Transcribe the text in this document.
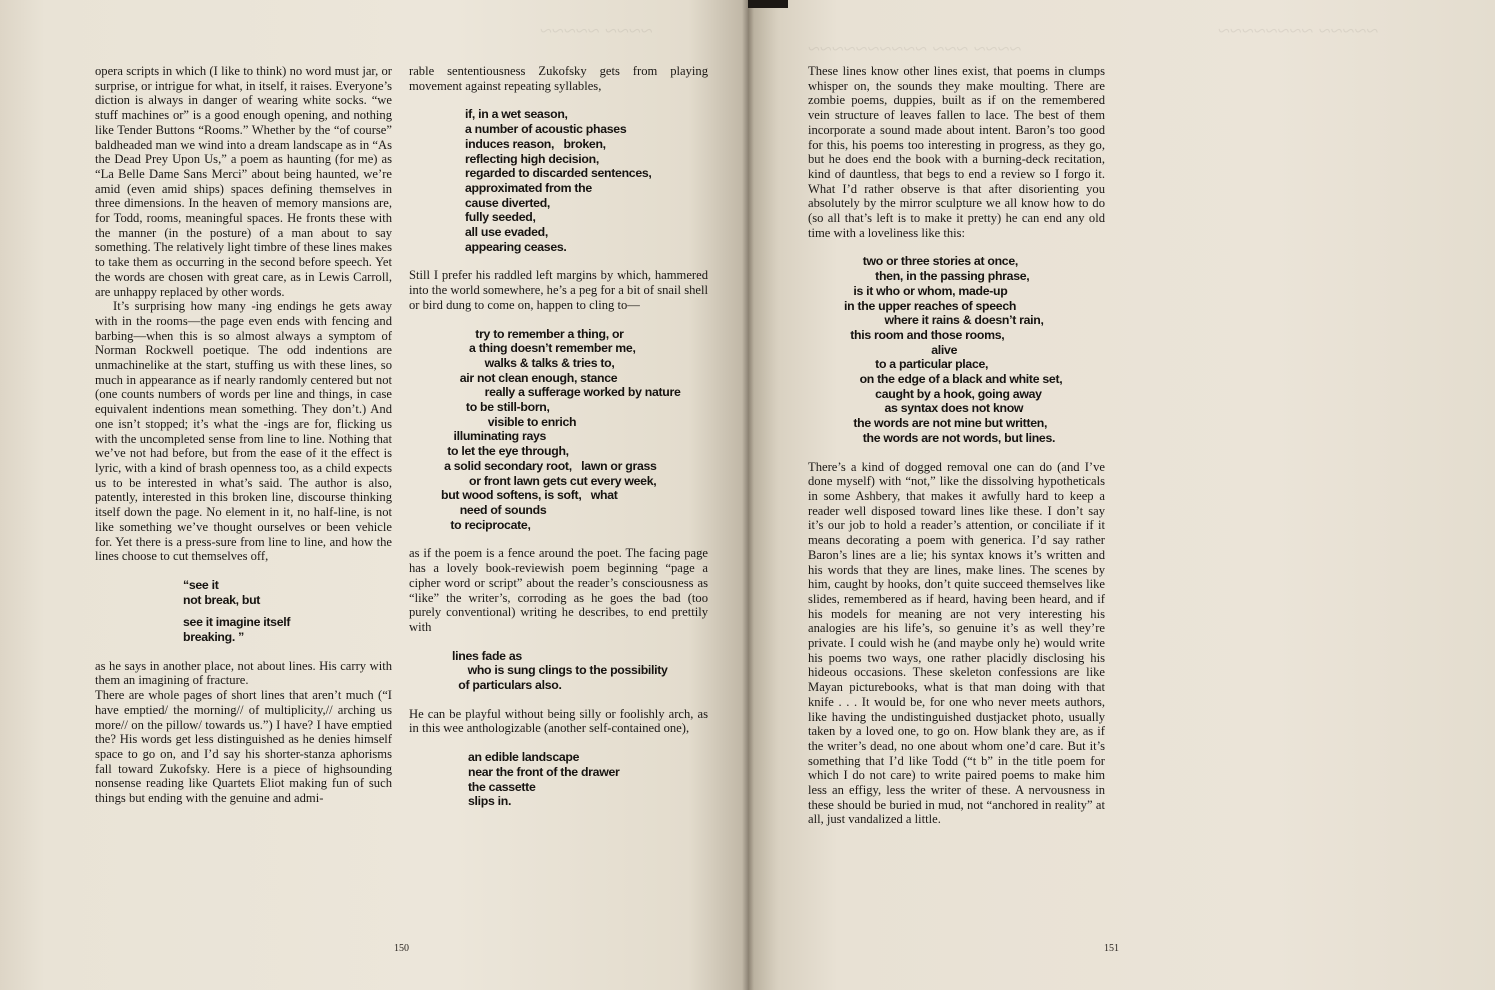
~~~~ ~~~~~

opera scripts in which (I like to think) no word must jar, or surprise, or intrigue for what, in itself, it raises. Everyone’s diction is always in danger of wearing white socks. “we stuff machines or” is a good enough opening, and nothing like Tender Buttons “Rooms.” Whether by the “of course” baldheaded man we wind into a dream landscape as in “As the Dead Prey Upon Us,” a poem as haunting (for me) as “La Belle Dame Sans Merci” about being haunted, we’re amid (even amid ships) spaces defining themselves in three dimensions. In the heaven of memory mansions are, for Todd, rooms, meaningful spaces. He fronts these with the manner (in the posture) of a man about to say something. The relatively light timbre of these lines makes to take them as occurring in the second before speech. Yet the words are chosen with great care, as in Lewis Carroll, are unhappy replaced by other words.

It’s surprising how many -ing endings he gets away with in the rooms—the page even ends with fencing and barbing—when this is so almost always a symptom of Norman Rockwell poetique. The odd indentions are unmachinelike at the start, stuffing us with these lines, so much in appearance as if nearly randomly centered but not (one counts numbers of words per line and things, in case equivalent indentions mean something. They don’t.) And one isn’t stopped; it’s what the -ings are for, flicking us with the uncompleted sense from line to line. Nothing that we’ve not had before, but from the ease of it the effect is lyric, with a kind of brash openness too, as a child expects us to be interested in what’s said. The author is also, patently, interested in this broken line, discourse thinking itself down the page. No element in it, no half-line, is not like something we’ve thought ourselves or been vehicle for. Yet there is a press-sure from line to line, and how the lines choose to cut themselves off,

“see it
not break, but
see it imagine itself
breaking. ”

as he says in another place, not about lines. His carry with them an imagining of fracture.

There are whole pages of short lines that aren’t much (“I have emptied/ the morning// of multiplicity,// arching us more// on the pillow/ towards us.”) I have? I have emptied the? His words get less distinguished as he denies himself space to go on, and I’d say his shorter-stanza aphorisms fall toward Zukofsky. Here is a piece of highsounding nonsense reading like Quartets Eliot making fun of such things but ending with the genuine and admi-

rable sententiousness Zukofsky gets from playing movement against repeating syllables,

if, in a wet season,
a number of acoustic phases
induces reason,   broken,
reflecting high decision,
regarded to discarded sentences,
approximated from the
cause diverted,
fully seeded,
all use evaded,
appearing ceases.

Still I prefer his raddled left margins by which, hammered into the world somewhere, he’s a peg for a bit of snail shell or bird dung to come on, happen to cling to—

try to remember a thing, or
a thing doesn’t remember me,
walks & talks & tries to,
air not clean enough, stance
really a sufferage worked by nature
to be still-born,
visible to enrich
illuminating rays
to let the eye through,
a solid secondary root,   lawn or grass
or front lawn gets cut every week,
but wood softens, is soft,   what
need of sounds
to reciprocate,

as if the poem is a fence around the poet. The facing page has a lovely book-reviewish poem beginning “page a cipher word or script” about the reader’s consciousness as “like” the writer’s, corroding as he goes the bad (too purely conventional) writing he describes, to end prettily with

lines fade as
who is sung clings to the possibility
of particulars also.

He can be playful without being silly or foolishly arch, as in this wee anthologizable (another self-contained one),

an edible landscape
near the front of the drawer
the cassette
slips in.
150
~~~~~ ~~~~~~~~
~~~~ ~~~ ~~~~~~~~~~

These lines know other lines exist, that poems in clumps whisper on, the sounds they make moulting. There are zombie poems, duppies, built as if on the remembered vein structure of leaves fallen to lace. The best of them incorporate a sound made about intent. Baron’s too good for this, his poems too interesting in progress, as they go, but he does end the book with a burning-deck recitation, kind of dauntless, that begs to end a review so I forgo it. What I’d rather observe is that after disorienting you absolutely by the mirror sculpture we all know how to do (so all that’s left is to make it pretty) he can end any old time with a loveliness like this:

two or three stories at once,
then, in the passing phrase,
is it who or whom, made-up
in the upper reaches of speech
where it rains & doesn’t rain,
this room and those rooms,
alive
to a particular place,
on the edge of a black and white set,
caught by a hook, going away
as syntax does not know
the words are not mine but written,
the words are not words, but lines.

There’s a kind of dogged removal one can do (and I’ve done myself) with “not,” like the dissolving hypotheticals in some Ashbery, that makes it awfully hard to keep a reader well disposed toward lines like these. I don’t say it’s our job to hold a reader’s attention, or conciliate if it means decorating a poem with generica. I’d say rather Baron’s lines are a lie; his syntax knows it’s written and his words that they are lines, make lines. The scenes by him, caught by hooks, don’t quite succeed themselves like slides, remembered as if heard, having been heard, and if his models for meaning are not very interesting his analogies are his life’s, so genuine it’s as well they’re private. I could wish he (and maybe only he) would write his poems two ways, one rather placidly disclosing his hideous occasions. These skeleton confessions are like Mayan picturebooks, what is that man doing with that knife . . . It would be, for one who never meets authors, like having the undistinguished dustjacket photo, usually taken by a loved one, to go on. How blank they are, as if the writer’s dead, no one about whom one’d care. But it’s something that I’d like Todd (“t b” in the title poem for which I do not care) to write paired poems to make him less an effigy, less the writer of these. A nervousness in these should be buried in mud, not “anchored in reality” at all, just vandalized a little.

151
